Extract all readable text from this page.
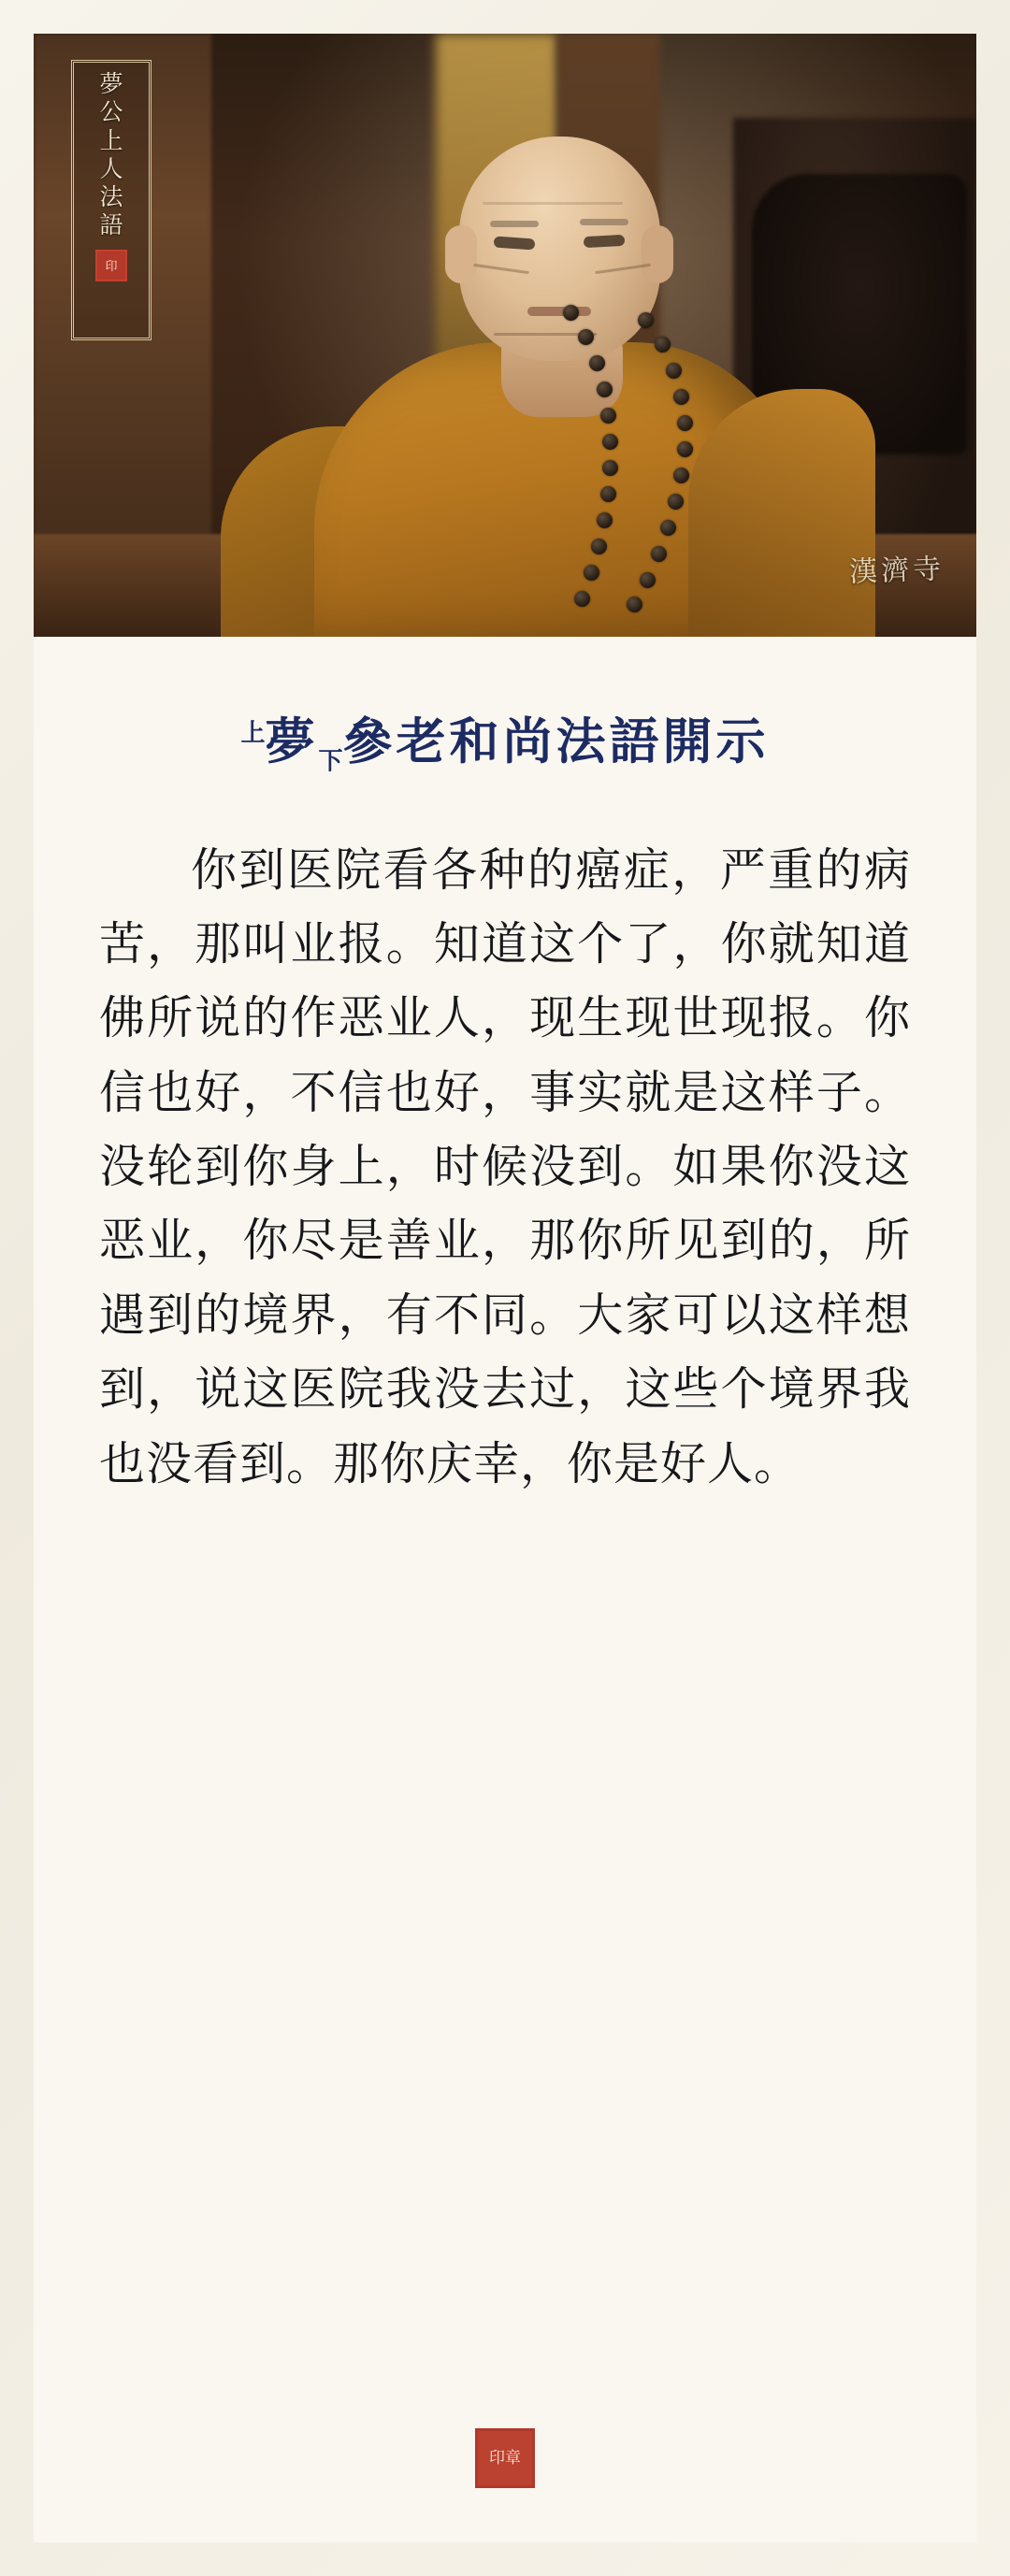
夢
公
上
人
法
語
印
漢濟寺
$^上$夢$_下$參老和尚法語開示
你到医院看各种的癌症，严重的病苦，那叫业报。知道这个了，你就知道佛所说的作恶业人，现生现世现报。你信也好，不信也好，事实就是这样子。没轮到你身上，时候没到。如果你没这恶业，你尽是善业，那你所见到的，所遇到的境界，有不同。大家可以这样想到，说这医院我没去过，这些个境界我也没看到。那你庆幸，你是好人。
印章
